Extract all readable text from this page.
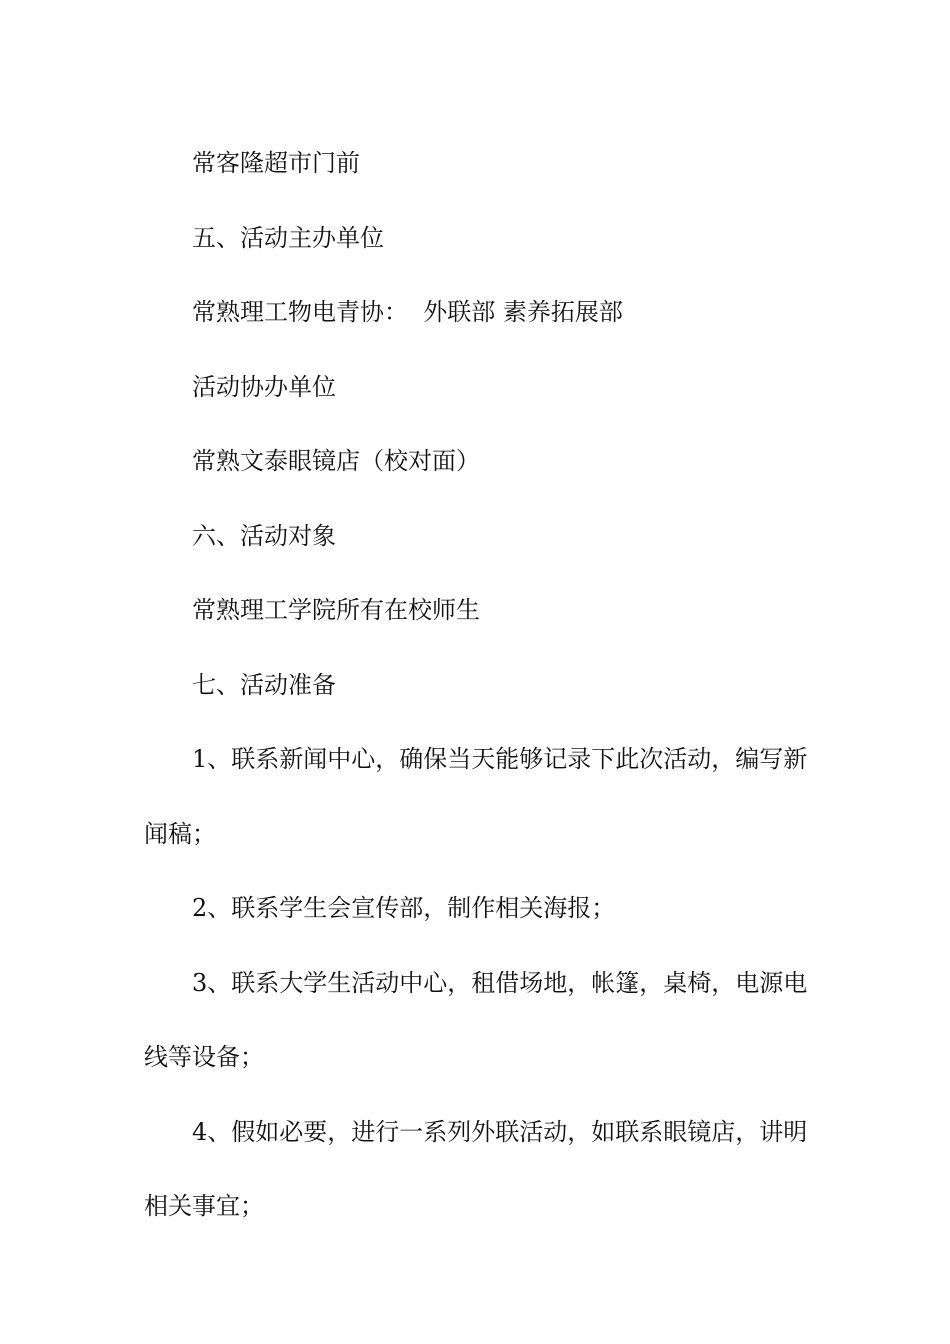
常客隆超市门前

五、活动主办单位

常熟理工物电青协：  外联部 素养拓展部

活动协办单位

常熟文泰眼镜店（校对面）

六、活动对象

常熟理工学院所有在校师生

七、活动准备

1、联系新闻中心，确保当天能够记录下此次活动，编写新闻稿；

2、联系学生会宣传部，制作相关海报；

3、联系大学生活动中心，租借场地，帐篷，桌椅，电源电线等设备；

4、假如必要，进行一系列外联活动，如联系眼镜店，讲明相关事宜；
